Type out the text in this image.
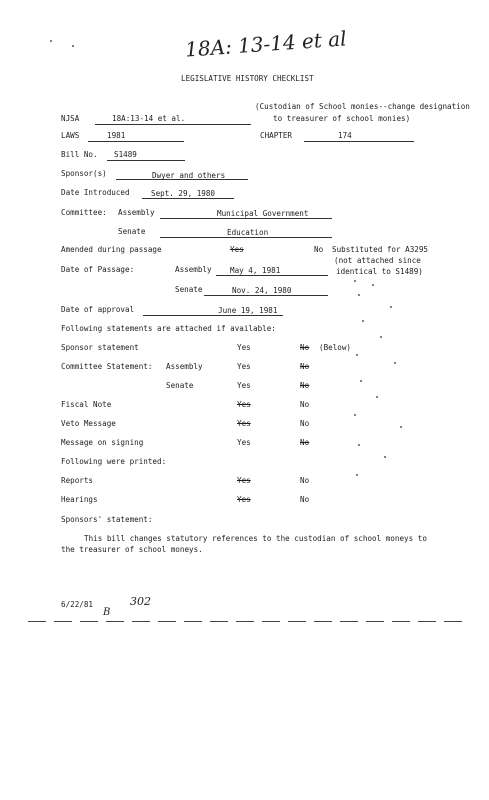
18A: 13-14 et al
LEGISLATIVE HISTORY CHECKLIST
NJSA	18A:13-14 et al.
(Custodian of School monies--change designation
to treasurer of school monies)
LAWS	1981	CHAPTER	174
Bill No. S1489
Sponsor(s)	Dwyer and others
Date Introduced	Sept. 29, 1980
Committee: Assembly	Municipal Government
Senate	Education
Amended during passage	Yes	No Substituted for A3295
(not attached since
identical to S1489)
Date of Passage:	Assembly May 4, 1981
Senate	Nov. 24, 1980
Date of approval	June 19, 1981
Following statements are attached if available:
Sponsor statement	Yes	No (Below)
Committee Statement: Assembly	Yes	No
Senate	Yes	No
Fiscal Note	Yes	No
Veto Message	Yes	No
Message on signing	Yes	No
Following were printed:
Reports	Yes	No
Hearings	Yes	No
Sponsors' statement:
This bill changes statutory references to the custodian of school moneys to
the treasurer of school moneys.
6/22/81
B
302
